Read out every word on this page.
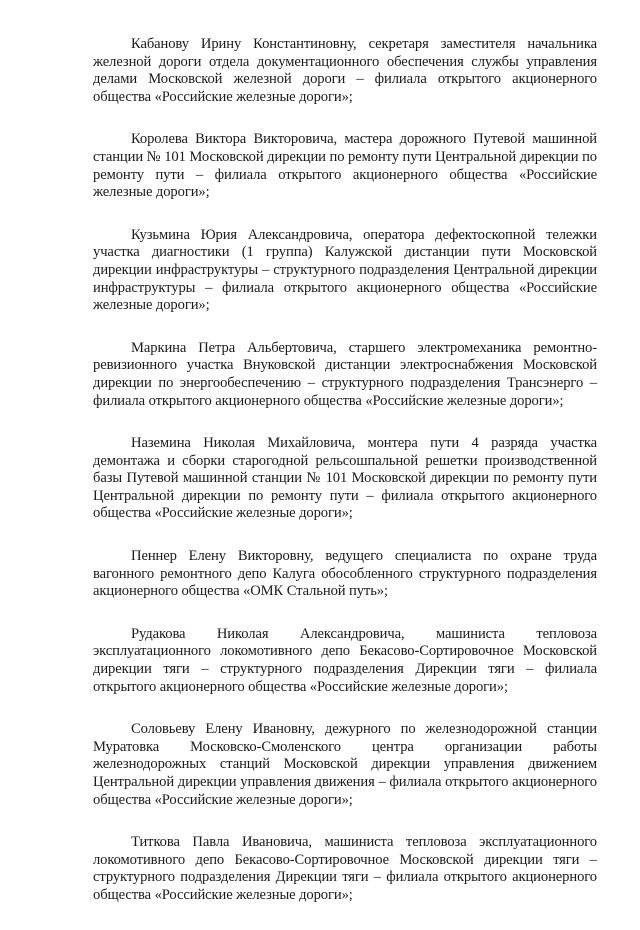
Кабанову Ирину Константиновну, секретаря заместителя начальника железной дороги отдела документационного обеспечения службы управления делами Московской железной дороги – филиала открытого акционерного общества «Российские железные дороги»;

Королева Виктора Викторовича, мастера дорожного Путевой машинной станции № 101 Московской дирекции по ремонту пути Центральной дирекции по ремонту пути – филиала открытого акционерного общества «Российские железные дороги»;

Кузьмина Юрия Александровича, оператора дефектоскопной тележки участка диагностики (1 группа) Калужской дистанции пути Московской дирекции инфраструктуры – структурного подразделения Центральной дирекции инфраструктуры – филиала открытого акционерного общества «Российские железные дороги»;

Маркина Петра Альбертовича, старшего электромеханика ремонтно-ревизионного участка Внуковской дистанции электроснабжения Московской дирекции по энергообеспечению – структурного подразделения Трансэнерго – филиала открытого акционерного общества «Российские железные дороги»;

Наземина Николая Михайловича, монтера пути 4 разряда участка демонтажа и сборки старогодной рельсошпальной решетки производственной базы Путевой машинной станции № 101 Московской дирекции по ремонту пути Центральной дирекции по ремонту пути – филиала открытого акционерного общества «Российские железные дороги»;

Пеннер Елену Викторовну, ведущего специалиста по охране труда вагонного ремонтного депо Калуга обособленного структурного подразделения акционерного общества «ОМК Стальной путь»;

Рудакова Николая Александровича, машиниста тепловоза эксплуатационного локомотивного депо Бекасово-Сортировочное Московской дирекции тяги – структурного подразделения Дирекции тяги – филиала открытого акционерного общества «Российские железные дороги»;

Соловьеву Елену Ивановну, дежурного по железнодорожной станции Муратовка Московско-Смоленского центра организации работы железнодорожных станций Московской дирекции управления движением Центральной дирекции управления движения – филиала открытого акционерного общества «Российские железные дороги»;

Титкова Павла Ивановича, машиниста тепловоза эксплуатационного локомотивного депо Бекасово-Сортировочное Московской дирекции тяги – структурного подразделения Дирекции тяги – филиала открытого акционерного общества «Российские железные дороги»;
